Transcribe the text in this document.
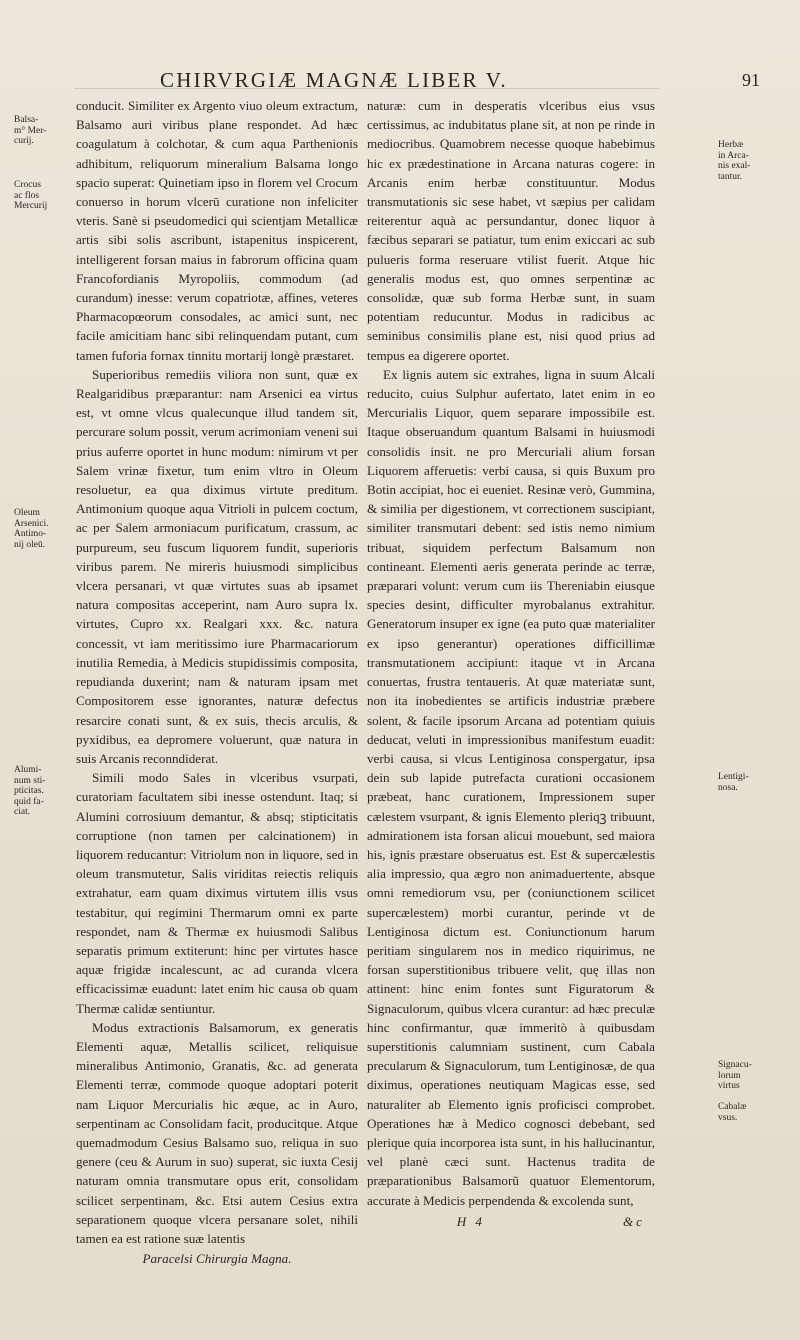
CHIRVRGIÆ MAGNÆ LIBER V.	91

conducit. Similiter ex Argento viuo oleum extractum, Balsamo auri viribus plane respondet. Ad hæc coagulatum à colchotar, & cum aqua Parthenionis adhibitum, reliquorum mineralium Balsama longo spacio superat: Quinetiam ipso in florem vel Crocum conuerso in horum vlcerū curatione non infeliciter vteris. Sanè si pseudomedici qui scientjam Metallicæ artis sibi solis ascribunt, istapenitus inspicerent, intelligerent forsan maius in fabrorum officina quam Francofordianis Myropoliis, commodum (ad curandum) inesse: verum copatriotæ, affines, veteres Pharmacopœorum consodales, ac amici sunt, nec facile amicitiam hanc sibi relinquendam putant, cum tamen fuforia fornax tinnitu mortarij longè præstaret.

Superioribus remediis viliora non sunt, quæ ex Realgaridibus præparantur: nam Arsenici ea virtus est, vt omne vlcus qualecunque illud tandem sit, percurare solum possit, verum acrimoniam veneni sui prius auferre oportet in hunc modum: nimirum vt per Salem vrinæ fixetur, tum enim vltro in Oleum resoluetur, ea qua diximus virtute preditum. Antimonium quoque aqua Vitrioli in pulcem coctum, ac per Salem armoniacum purificatum, crassum, ac purpureum, seu fuscum liquorem fundit, superioris viribus parem. Ne mireris huiusmodi simplicibus vlcera persanari, vt quæ virtutes suas ab ipsamet natura compositas acceperint, nam Auro supra lx. virtutes, Cupro xx. Realgari xxx. &c. natura concessit, vt iam meritissimo iure Pharmacariorum inutilia Remedia, à Medicis stupidissimis composita, repudianda duxerint; nam & naturam ipsam met Compositorem esse ignorantes, naturæ defectus resarcire conati sunt, & ex suis, thecis arculis, & pyxidibus, ea depromere voluerunt, quæ natura in suis Arcanis reconndiderat.

Simili modo Sales in vlceribus vsurpati, curatoriam facultatem sibi inesse ostendunt. Itaq; si Alumini corrosiuum demantur, & absq; stipticitatis corruptione (non tamen per calcinationem) in liquorem reducantur: Vitriolum non in liquore, sed in oleum transmutetur, Salis viriditas reiectis reliquis extrahatur, eam quam diximus virtutem illis vsus testabitur, qui regimini Thermarum omni ex parte respondet, nam & Thermæ ex huiusmodi Salibus separatis primum extiterunt: hinc per virtutes hasce aquæ frigidæ incalescunt, ac ad curanda vlcera efficacissimæ euadunt: latet enim hic causa ob quam Thermæ calidæ sentiuntur.

Modus extractionis Balsamorum, ex generatis Elementi aquæ, Metallis scilicet, reliquisue mineralibus Antimonio, Granatis, &c. ad generata Elementi terræ, commode quoque adoptari poterit nam Liquor Mercurialis hic æque, ac in Auro, serpentinam ac Consolidam facit, producitque. Atque quemadmodum Cesius Balsamo suo, reliqua in suo genere (ceu & Aurum in suo) superat, sic iuxta Cesij naturam omnia transmutare opus erit, consolidam scilicet serpentinam, &c. Etsi autem Cesius extra separationem quoque vlcera persanare solet, nihili tamen ea est ratione suæ latentis

Paracelsi Chirurgia Magna.

naturæ: cum in desperatis vlceribus eius vsus certissimus, ac indubitatus plane sit, at non pe rinde in mediocribus. Quamobrem necesse quoque habebimus hic ex prædestinatione in Arcana naturas cogere: in Arcanis enim herbæ constituuntur. Modus transmutationis sic sese habet, vt sæpius per calidam reiterentur aquà ac persundantur, donec liquor à fæcibus separari se patiatur, tum enim exiccari ac sub pulueris forma reseruare vtilist fuerit. Atque hic generalis modus est, quo omnes serpentinæ ac consolidæ, quæ sub forma Herbæ sunt, in suam potentiam reducuntur. Modus in radicibus ac seminibus consimilis plane est, nisi quod prius ad tempus ea digerere oportet.

Ex lignis autem sic extrahes, ligna in suum Alcali reducito, cuius Sulphur aufertato, latet enim in eo Mercurialis Liquor, quem separare impossibile est. Itaque obseruandum quantum Balsami in huiusmodi consolidis insit. ne pro Mercuriali alium forsan Liquorem afferuetis: verbi causa, si quis Buxum pro Botin accipiat, hoc ei eueniet. Resinæ verò, Gummina, & similia per digestionem, vt correctionem suscipiant, similiter transmutari debent: sed istis nemo nimium tribuat, siquidem perfectum Balsamum non contineant. Elementi aeris generata perinde ac terræ, præparari volunt: verum cum iis Thereniabin eiusque species desint, difficulter myrobalanus extrahitur. Generatorum insuper ex igne (ea puto quæ materialiter ex ipso generantur) operationes difficillimæ transmutationem accipiunt: itaque vt in Arcana conuertas, frustra tentaueris. At quæ materiatæ sunt, non ita inobedientes se artificis industriæ præbere solent, & facile ipsorum Arcana ad potentiam quiuis deducat, veluti in impressionibus manifestum euadit: verbi causa, si vlcus Lentiginosa conspergatur, ipsa dein sub lapide putrefacta curationi occasionem præbeat, hanc curationem, Impressionem super cælestem vsurpant, & ignis Elemento pleriqꝫ tribuunt, admirationem ista forsan alicui mouebunt, sed maiora his, ignis præstare obseruatus est. Est & supercælestis alia impressio, qua ægro non animaduertente, absque omni remediorum vsu, per (coniunctionem scilicet supercælestem) morbi curantur, perinde vt de Lentiginosa dictum est. Coniunctionum harum peritiam singularem nos in medico riquirimus, ne forsan superstitionibus tribuere velit, quę illas non attinent: hinc enim fontes sunt Figuratorum & Signaculorum, quibus vlcera curantur: ad hæc preculæ hinc confirmantur, quæ immeritò à quibusdam superstitionis calumniam sustinent, cum Cabala precularum & Signaculorum, tum Lentiginosæ, de qua diximus, operationes neutiquam Magicas esse, sed naturaliter ab Elemento ignis proficisci comprobet. Operationes hæ à Medico cognosci debebant, sed plerique quia incorporea ista sunt, in his hallucinantur, vel planè cæci sunt. Hactenus tradita de præparationibus Balsamorũ quatuor Elementorum, accurate à Medicis perpendenda & excolenda sunt,

H 4	&c
Balsa-
m° Mer-
curij.
Crocus
ac flos
Mercurij
Oleum
Arsenici.
Antimo-
nij oleū.
Alumi-
num sti-
pticitas.
quid fa-
ciat.
Herbæ
in Arca-
nis exal-
tantur.
Lentigi-
nosa.
Signacu-
lorum
virtus
Cabalæ
vsus.
